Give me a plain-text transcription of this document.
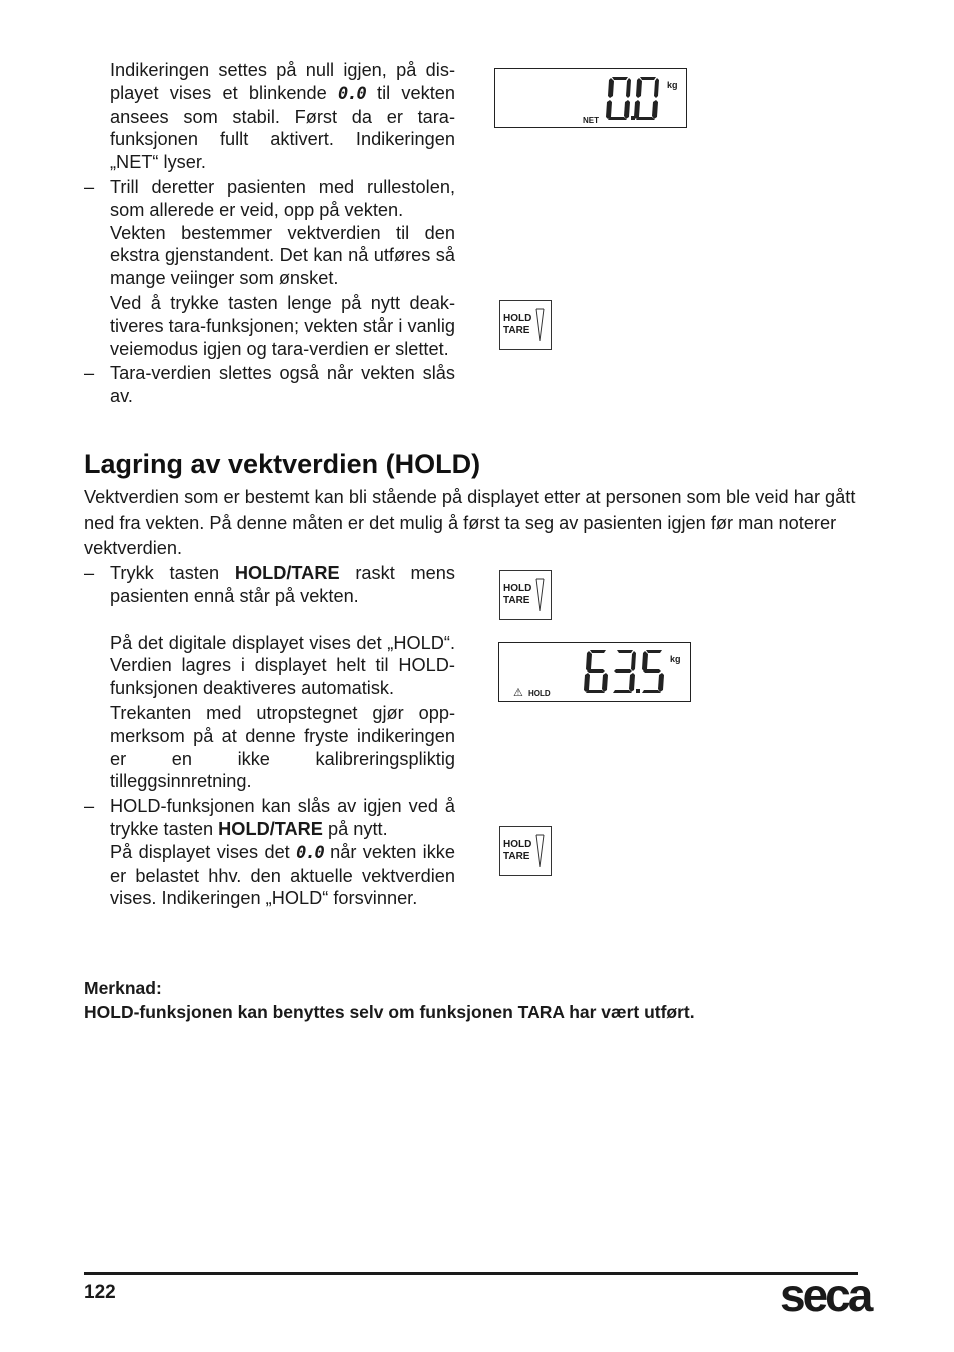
Indikeringen settes på null igjen, på displayet vises et blinkende 0.0 til vekten ansees som stabil. Først da er tarafunksjonen fullt aktivert. Indikeringen „NET“ lyser.

– Trill deretter pasienten med rullestolen, som allerede er veid, opp på vekten.

Vekten bestemmer vektverdien til den ekstra gjenstandent. Det kan nå utføres så mange veiinger som ønsket.

Ved å trykke tasten lenge på nytt deaktiveres tara-funksjonen; vekten står i vanlig veiemodus igjen og tara-verdien er slettet.

– Tara-verdien slettes også når vekten slås av.

kg
NET
HOLD
TARE
Lagring av vektverdien (HOLD)

Vektverdien som er bestemt kan bli stående på displayet etter at personen som ble veid har gått ned fra vekten. På denne måten er det mulig å først ta seg av pasienten igjen før man noterer vektverdien.

– Trykk tasten HOLD/TARE raskt mens pasienten ennå står på vekten.

På det digitale displayet vises det „HOLD“. Verdien lagres i displayet helt til HOLD-funksjonen deaktiveres automatisk.

Trekanten med utropstegnet gjør oppmerksom på at denne fryste indikeringen er en ikke kalibreringspliktig tilleggsinnretning.

– HOLD-funksjonen kan slås av igjen ved å trykke tasten HOLD/TARE på nytt.

På displayet vises det 0.0 når vekten ikke er belastet hhv. den aktuelle vektverdien vises. Indikeringen „HOLD“ forsvinner.

HOLD
TARE
kg
⚠ HOLD
HOLD
TARE

Merknad:

HOLD-funksjonen kan benyttes selv om funksjonen TARA har vært utført.

122	seca
